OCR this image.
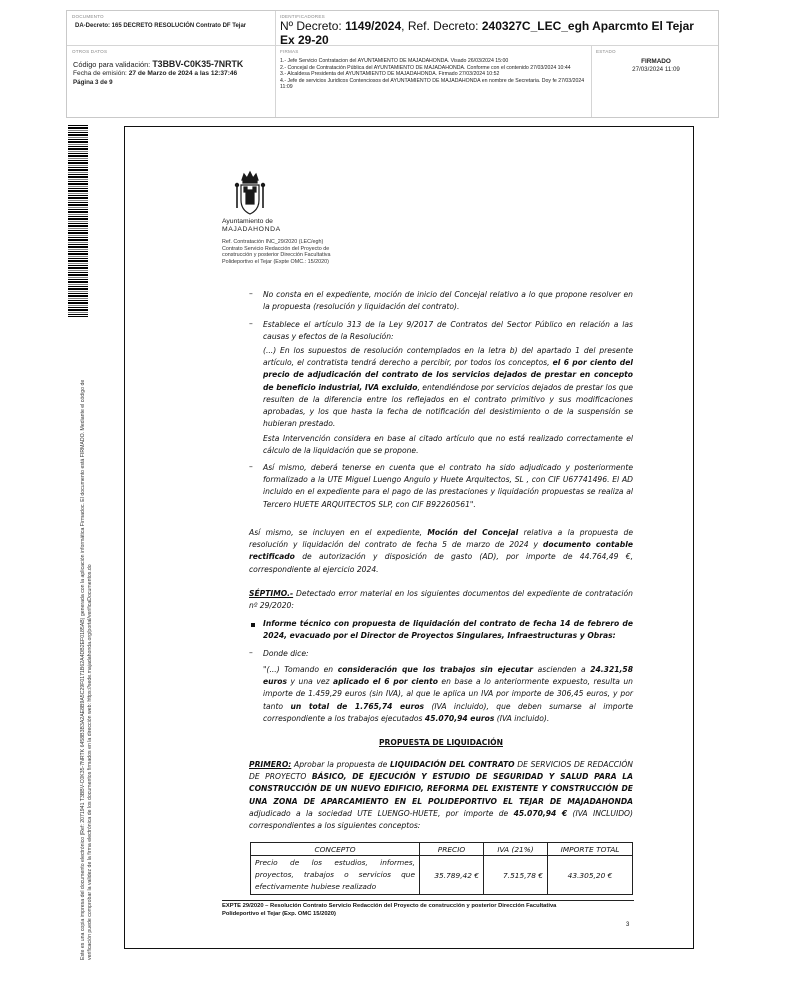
DOCUMENTO
DA-Decreto: 165 DECRETO RESOLUCIÓN Contrato DF Tejar
IDENTIFICADORES
Nº Decreto: 1149/2024, Ref. Decreto: 240327C_LEC_egh Aparcmto El Tejar Ex 29-20
OTROS DATOS
Código para validación: T3BBV-C0K35-7NRTK
Fecha de emisión: 27 de Marzo de 2024 a las 12:37:46
Página 3 de 9
FIRMAS
1.- Jefe Servicio Contratacion del AYUNTAMIENTO DE MAJADAHONDA. Visado 26/03/2024 15:00
2.- Concejal de Contratación Pública del AYUNTAMIENTO DE MAJADAHONDA. Conforme con el contenido 27/03/2024 10:44
3.- Alcaldesa Presidenta del AYUNTAMIENTO DE MAJADAHONDA. Firmado 27/03/2024 10:52
4.- Jefe de servicios Juridicos Contenciosos del AYUNTAMIENTO DE MAJADAHONDA en nombre de Secretaria. Doy fe 27/03/2024 11:09
ESTADO
FIRMADO
27/03/2024 11:09
Este es una copia impresa del documento electrónico (Ref: 2071941 T3BBV-C0K35-7NRTK 6458B3B3A2AE8B9A5C29F0171B62A4DB2EF0185AB) generada con la aplicación informática Firmadoc. El documento está FIRMADO. Mediante el código de verificación puede comprobar la validez de la firma electrónica de los documentos firmados en la dirección web: https://sede.majadahonda.org/portal/verificaDocumentos.do
Ayuntamiento de
MAJADAHONDA
Ref. Contratación INC_29/2020 (LEC/egh)
Contrato Servicio Redacción del Proyecto de
construcción y posterior Dirección Facultativa
Polideportivo el Tejar (Expte OMC.: 15/2020)
– No consta en el expediente, moción de inicio del Concejal relativo a lo que propone resolver en la propuesta (resolución y liquidación del contrato).
– Establece el artículo 313 de la Ley 9/2017 de Contratos del Sector Público en relación a las causas y efectos de la Resolución:
(...) En los supuestos de resolución contemplados en la letra b) del apartado 1 del presente artículo, el contratista tendrá derecho a percibir, por todos los conceptos, el 6 por ciento del precio de adjudicación del contrato de los servicios dejados de prestar en concepto de beneficio industrial, IVA excluido, entendiéndose por servicios dejados de prestar los que resulten de la diferencia entre los reflejados en el contrato primitivo y sus modificaciones aprobadas, y los que hasta la fecha de notificación del desistimiento o de la suspensión se hubieran prestado.
Esta Intervención considera en base al citado artículo que no está realizado correctamente el cálculo de la liquidación que se propone.
– Así mismo, deberá tenerse en cuenta que el contrato ha sido adjudicado y posteriormente formalizado a la UTE Miguel Luengo Angulo y Huete Arquitectos, SL , con CIF U67741496. El AD incluido en el expediente para el pago de las prestaciones y liquidación propuestas se realiza al Tercero HUETE ARQUITECTOS SLP, con CIF B92260561".
Así mismo, se incluyen en el expediente, Moción del Concejal relativa a la propuesta de resolución y liquidación del contrato de fecha 5 de marzo de 2024 y documento contable rectificado de autorización y disposición de gasto (AD), por importe de 44.764,49 €, correspondiente al ejercicio 2024.
SÉPTIMO.- Detectado error material en los siguientes documentos del expediente de contratación nº 29/2020:
Informe técnico con propuesta de liquidación del contrato de fecha 14 de febrero de 2024, evacuado por el Director de Proyectos Singulares, Infraestructuras y Obras:
– Donde dice:
"(...) Tomando en consideración que los trabajos sin ejecutar ascienden a 24.321,58 euros y una vez aplicado el 6 por ciento en base a lo anteriormente expuesto, resulta un importe de 1.459,29 euros (sin IVA), al que le aplica un IVA por importe de 306,45 euros, y por tanto un total de 1.765,74 euros (IVA incluido), que deben sumarse al importe correspondiente a los trabajos ejecutados 45.070,94 euros (IVA incluido).
PROPUESTA DE LIQUIDACIÓN
PRIMERO: Aprobar la propuesta de LIQUIDACIÓN DEL CONTRATO DE SERVICIOS DE REDACCIÓN DE PROYECTO BÁSICO, DE EJECUCIÓN Y ESTUDIO DE SEGURIDAD Y SALUD PARA LA CONSTRUCCIÓN DE UN NUEVO EDIFICIO, REFORMA DEL EXISTENTE Y CONSTRUCCIÓN DE UNA ZONA DE APARCAMIENTO EN EL POLIDEPORTIVO EL TEJAR DE MAJADAHONDA adjudicado a la sociedad UTE LUENGO-HUETE, por importe de 45.070,94 € (IVA INCLUIDO) correspondientes a los siguientes conceptos:
CONCEPTO	PRECIO	IVA (21%)	IMPORTE TOTAL
Precio de los estudios, informes, proyectos, trabajos o servicios que efectivamente hubiese realizado	35.789,42 €	7.515,78 €	43.305,20 €
EXPTE 29/2020 – Resolución Contrato Servicio Redacción del Proyecto de construcción y posterior Dirección Facultativa
Polideportivo el Tejar (Exp. OMC 15/2020)
3
